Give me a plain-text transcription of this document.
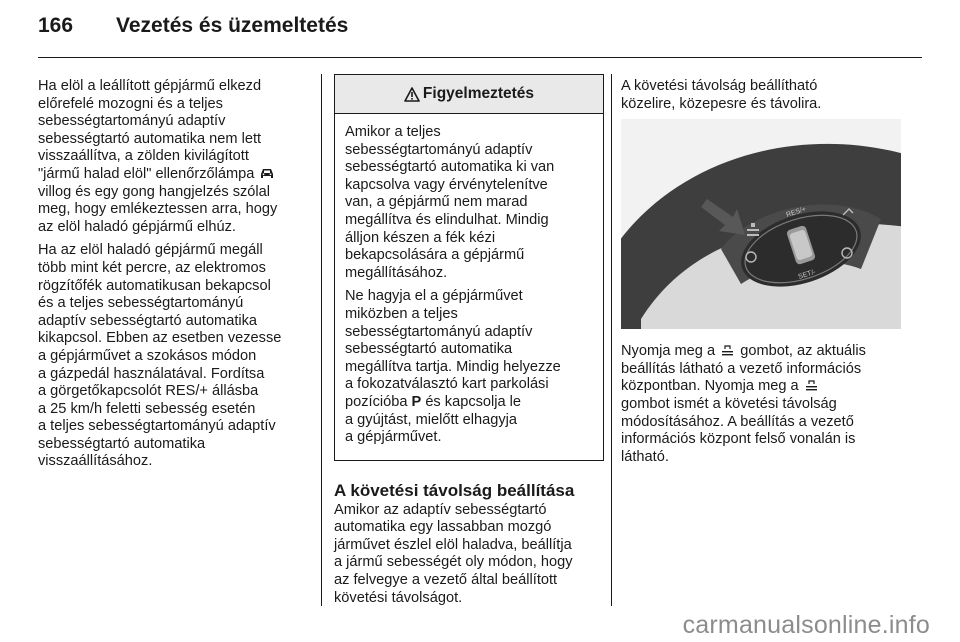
166 Vezetés és üzemeltetés

Ha elöl a leállított gépjármű elkezd
előrefelé mozogni és a teljes
sebességtartományú adaptív
sebességtartó automatika nem lett
visszaállítva, a zölden kivilágított
"jármű halad elöl" ellenőrzőlámpa
villog és egy gong hangjelzés szólal
meg, hogy emlékeztessen arra, hogy
az elöl haladó gépjármű elhúz.

Ha az elöl haladó gépjármű megáll
több mint két percre, az elektromos
rögzítőfék automatikusan bekapcsol
és a teljes sebességtartományú
adaptív sebességtartó automatika
kikapcsol. Ebben az esetben vezesse
a gépjárművet a szokásos módon
a gázpedál használatával. Fordítsa
a görgetőkapcsolót RES/+ állásba
a 25 km/h feletti sebesség esetén
a teljes sebességtartományú adaptív
sebességtartó automatika
visszaállításához.

Figyelmeztetés

Amikor a teljes
sebességtartományú adaptív
sebességtartó automatika ki van
kapcsolva vagy érvénytelenítve
van, a gépjármű nem marad
megállítva és elindulhat. Mindig
álljon készen a fék kézi
bekapcsolására a gépjármű
megállításához.

Ne hagyja el a gépjárművet
miközben a teljes
sebességtartományú adaptív
sebességtartó automatika
megállítva tartja. Mindig helyezze
a fokozatválasztó kart parkolási
pozícióba P és kapcsolja le
a gyújtást, mielőtt elhagyja
a gépjárművet.

A követési távolság beállítása

Amikor az adaptív sebességtartó
automatika egy lassabban mozgó
járművet észlel elöl haladva, beállítja
a jármű sebességét oly módon, hogy
az felvegye a vezető által beállított
követési távolságot.

A követési távolság beállítható
közelire, közepesre és távolira.

RES/+
SET/-

Nyomja meg a gombot, az aktuális
beállítás látható a vezető információs
központban. Nyomja meg a
gombot ismét a követési távolság
módosításához. A beállítás a vezető
információs központ felső vonalán is
látható.

carmanualsonline.info
